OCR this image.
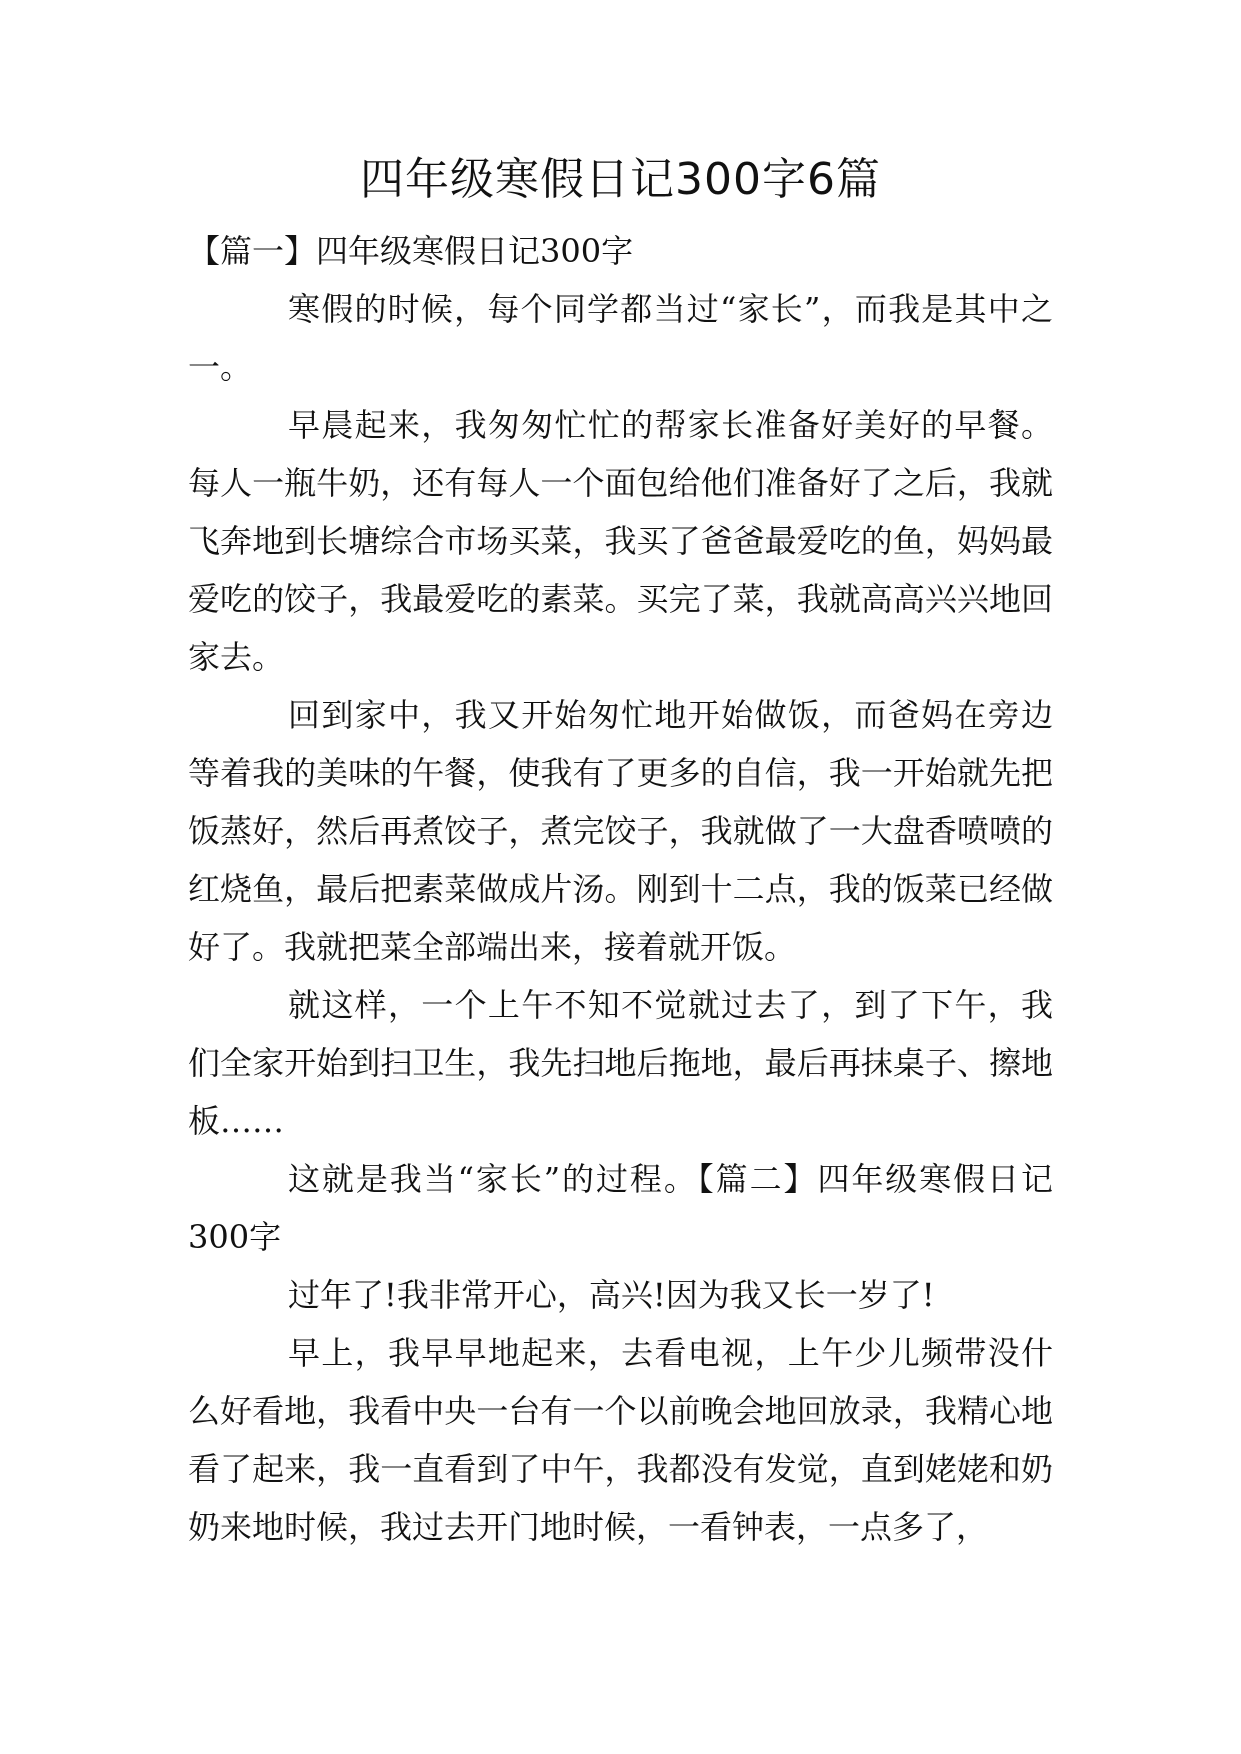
四年级寒假日记300字6篇

【篇一】四年级寒假日记300字

寒假的时候，每个同学都当过“家长”，而我是其中之一。

早晨起来，我匆匆忙忙的帮家长准备好美好的早餐。每人一瓶牛奶，还有每人一个面包给他们准备好了之后，我就飞奔地到长塘综合市场买菜，我买了爸爸最爱吃的鱼，妈妈最爱吃的饺子，我最爱吃的素菜。买完了菜，我就高高兴兴地回家去。

回到家中，我又开始匆忙地开始做饭，而爸妈在旁边等着我的美味的午餐，使我有了更多的自信，我一开始就先把饭蒸好，然后再煮饺子，煮完饺子，我就做了一大盘香喷喷的红烧鱼，最后把素菜做成片汤。刚到十二点，我的饭菜已经做好了。我就把菜全部端出来，接着就开饭。

就这样，一个上午不知不觉就过去了，到了下午，我们全家开始到扫卫生，我先扫地后拖地，最后再抹桌子、擦地板……

这就是我当“家长”的过程。【篇二】四年级寒假日记300字

过年了!我非常开心，高兴!因为我又长一岁了!

早上，我早早地起来，去看电视，上午少儿频带没什么好看地，我看中央一台有一个以前晚会地回放录，我精心地看了起来，我一直看到了中午，我都没有发觉，直到姥姥和奶奶来地时候，我过去开门地时候，一看钟表，一点多了，
